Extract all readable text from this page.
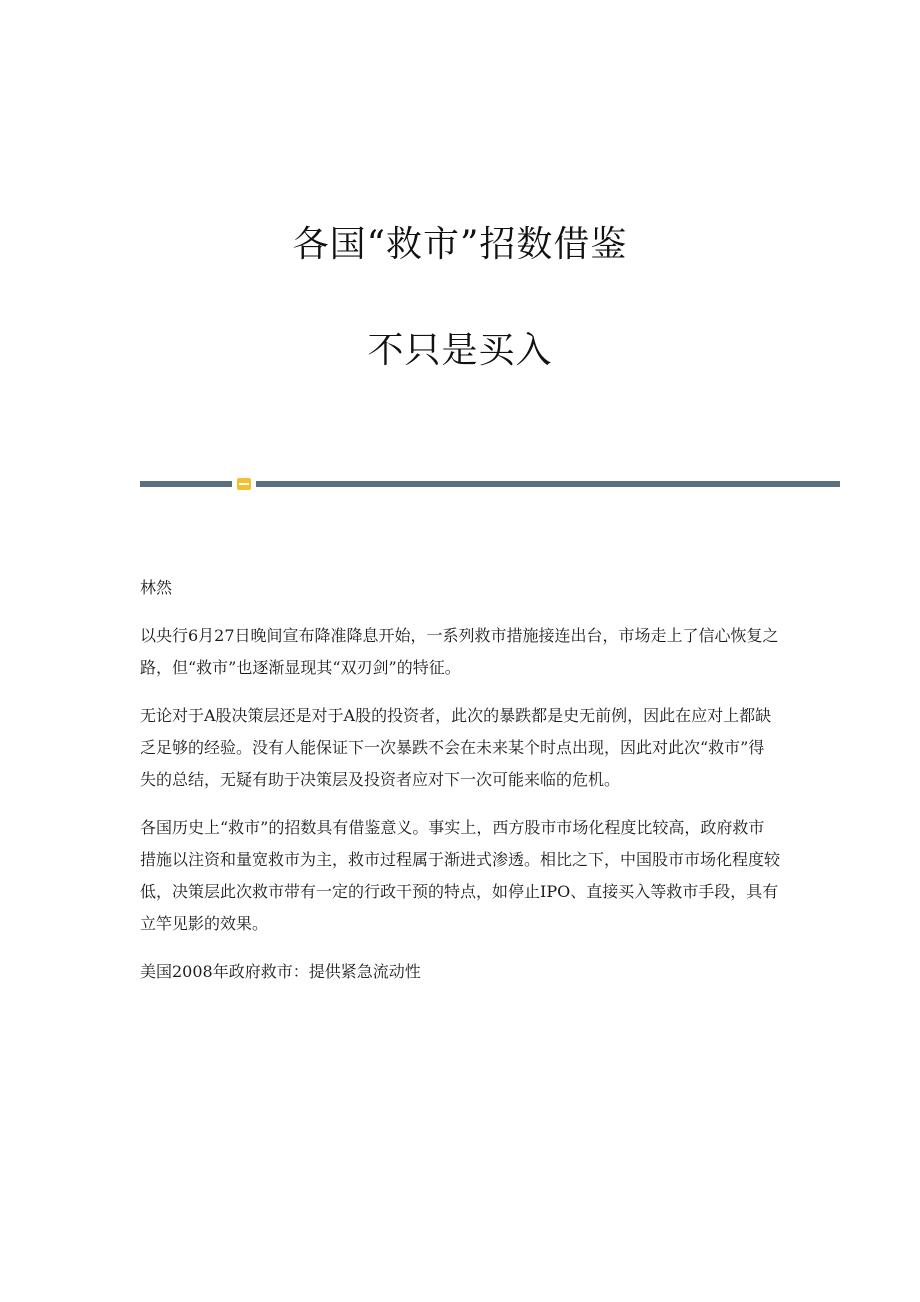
各国“救市”招数借鉴
不只是买入

林然

以央行6月27日晚间宣布降准降息开始，一系列救市措施接连出台，市场走上了信心恢复之路，但“救市”也逐渐显现其“双刃剑”的特征。

无论对于A股决策层还是对于A股的投资者，此次的暴跌都是史无前例，因此在应对上都缺乏足够的经验。没有人能保证下一次暴跌不会在未来某个时点出现，因此对此次“救市”得失的总结，无疑有助于决策层及投资者应对下一次可能来临的危机。

各国历史上“救市”的招数具有借鉴意义。事实上，西方股市市场化程度比较高，政府救市措施以注资和量宽救市为主，救市过程属于渐进式渗透。相比之下，中国股市市场化程度较低，决策层此次救市带有一定的行政干预的特点，如停止IPO、直接买入等救市手段，具有立竿见影的效果。

美国2008年政府救市：提供紧急流动性
